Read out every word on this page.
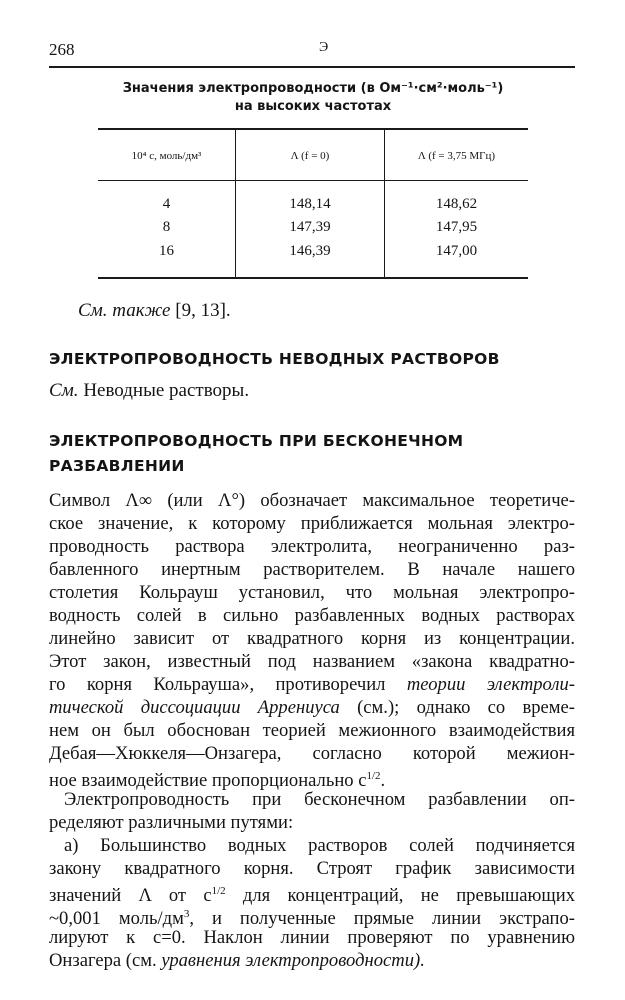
268	Э
Значения электропроводности (в Ом⁻¹·см²·моль⁻¹)
на высоких частотах
10⁴ c, моль/дм³	Λ (f = 0)	Λ (f = 3,75 МГц)
4	148,14	148,62
8	147,39	147,95
16	146,39	147,00
См. также [9, 13].
ЭЛЕКТРОПРОВОДНОСТЬ НЕВОДНЫХ РАСТВОРОВ
См. Неводные растворы.
ЭЛЕКТРОПРОВОДНОСТЬ ПРИ БЕСКОНЕЧНОМ
РАЗБАВЛЕНИИ
Символ Λ∞ (или Λ°) обозначает максимальное теоретиче-
ское значение, к которому приближается мольная электро-
проводность раствора электролита, неограниченно раз-
бавленного инертным растворителем. В начале нашего
столетия Кольрауш установил, что мольная электропро-
водность солей в сильно разбавленных водных растворах
линейно зависит от квадратного корня из концентрации.
Этот закон, известный под названием «закона квадратно-
го корня Кольрауша», противоречил теории электроли-
тической диссоциации Аррениуса (см.); однако со време-
нем он был обоснован теорией межионного взаимодействия
Дебая—Хюккеля—Онзагера, согласно которой межион-
ное взаимодействие пропорционально $c^{1/2}$.
Электропроводность при бесконечном разбавлении оп-
ределяют различными путями:
а) Большинство водных растворов солей подчиняется
закону квадратного корня. Строят график зависимости
значений Λ от $c^{1/2}$ для концентраций, не превышающих
~0,001 моль/$дм^3$, и полученные прямые линии экстрапо-
лируют к c=0. Наклон линии проверяют по уравнению
Онзагера (см. уравнения электропроводности).
